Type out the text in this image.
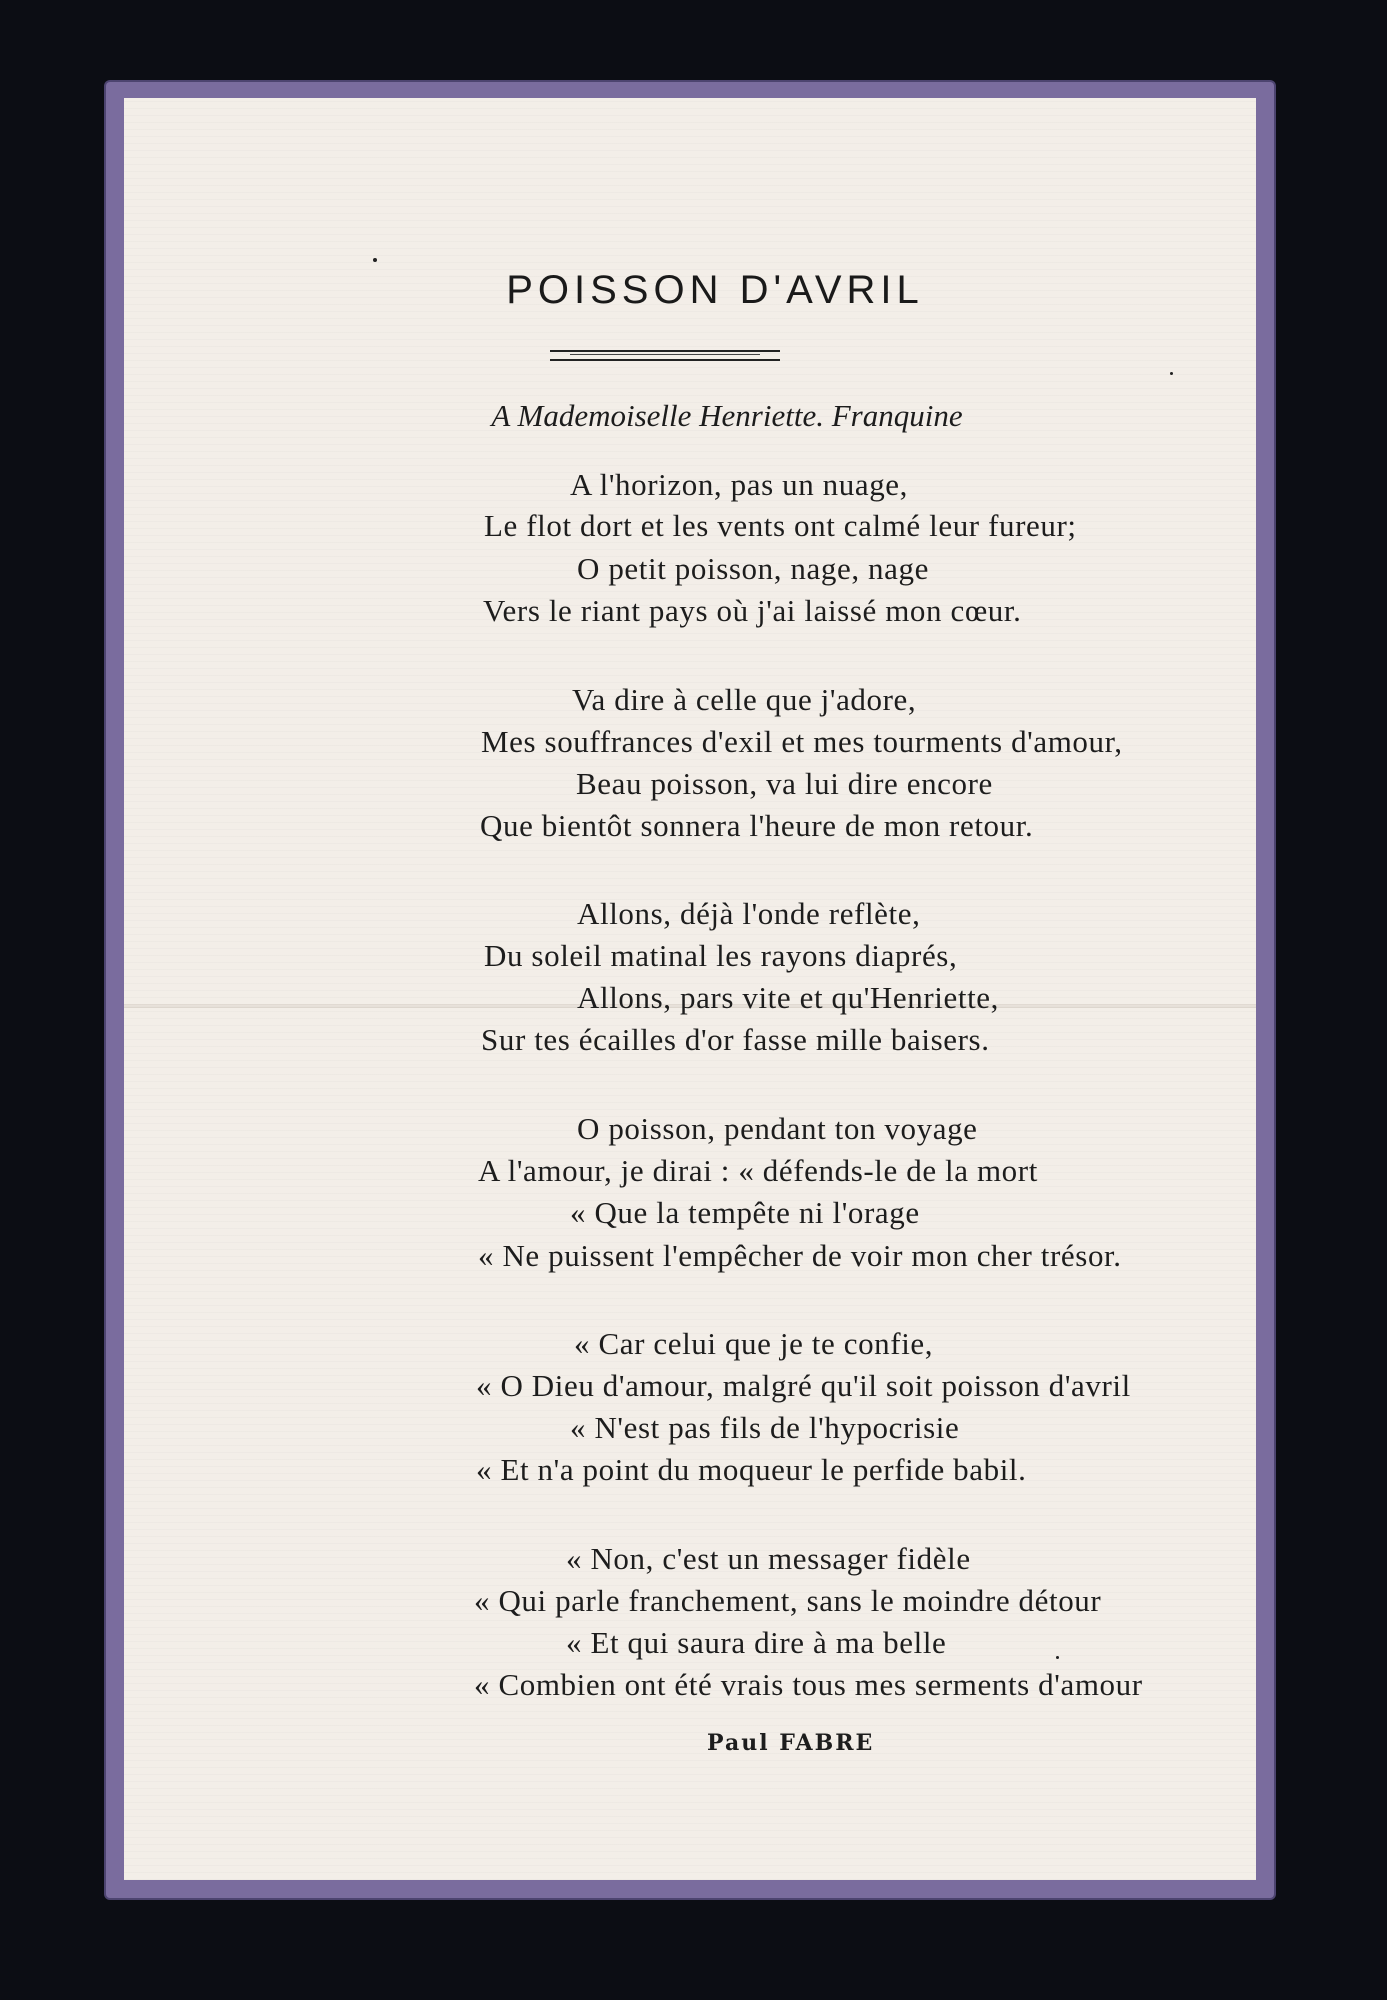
POISSON D'AVRIL
A Mademoiselle Henriette. Franquine
A l'horizon, pas un nuage,
Le flot dort et les vents ont calmé leur fureur;
O petit poisson, nage, nage
Vers le riant pays où j'ai laissé mon cœur.
Va dire à celle que j'adore,
Mes souffrances d'exil et mes tourments d'amour,
Beau poisson, va lui dire encore
Que bientôt sonnera l'heure de mon retour.
Allons, déjà l'onde reflète,
Du soleil matinal les rayons diaprés,
Allons, pars vite et qu'Henriette,
Sur tes écailles d'or fasse mille baisers.
O poisson, pendant ton voyage
A l'amour, je dirai : « défends-le de la mort
« Que la tempête ni l'orage
« Ne puissent l'empêcher de voir mon cher trésor.
« Car celui que je te confie,
« O Dieu d'amour, malgré qu'il soit poisson d'avril
« N'est pas fils de l'hypocrisie
« Et n'a point du moqueur le perfide babil.
« Non, c'est un messager fidèle
« Qui parle franchement, sans le moindre détour
« Et qui saura dire à ma belle
« Combien ont été vrais tous mes serments d'amour
Paul FABRE
